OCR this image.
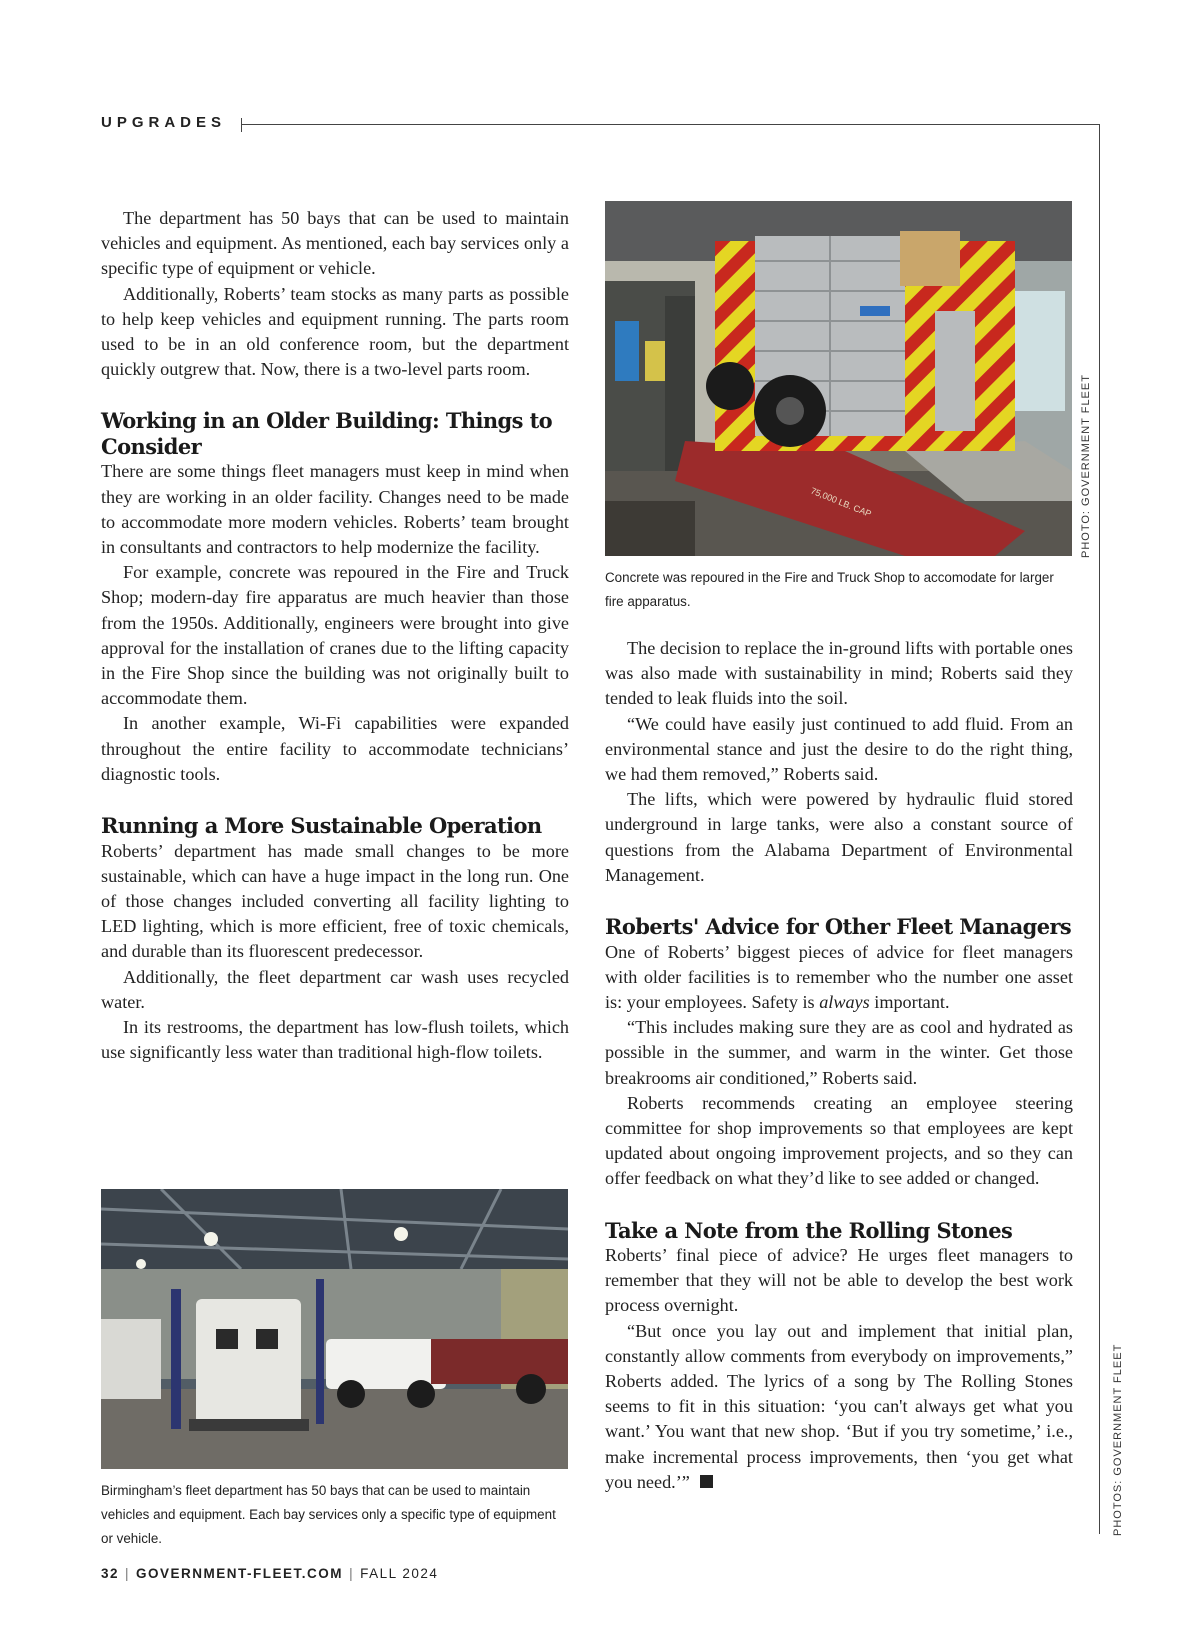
UPGRADES

The department has 50 bays that can be used to maintain vehicles and equipment. As mentioned, each bay services only a specific type of equipment or vehicle.

Additionally, Roberts’ team stocks as many parts as possible to help keep vehicles and equipment running. The parts room used to be in an old conference room, but the department quickly outgrew that. Now, there is a two-level parts room.

Working in an Older Building: Things to Consider

There are some things fleet managers must keep in mind when they are working in an older facility. Changes need to be made to accommodate more modern vehicles. Roberts’ team brought in consultants and contractors to help modernize the facility.

For example, concrete was repoured in the Fire and Truck Shop; modern-day fire apparatus are much heavier than those from the 1950s. Additionally, engineers were brought into give approval for the installation of cranes due to the lifting capacity in the Fire Shop since the building was not originally built to accommodate them.

In another example, Wi-Fi capabilities were expanded throughout the entire facility to accommodate technicians’ diagnostic tools.

Running a More Sustainable Operation

Roberts’ department has made small changes to be more sustainable, which can have a huge impact in the long run. One of those changes included converting all facility lighting to LED lighting, which is more efficient, free of toxic chemicals, and durable than its fluorescent predecessor.

Additionally, the fleet department car wash uses recycled water.

In its restrooms, the department has low-flush toilets, which use significantly less water than traditional high-flow toilets.

75,000 LB. CAP
Concrete was repoured in the Fire and Truck Shop to accomodate for larger fire apparatus.
PHOTO: GOVERNMENT FLEET

The decision to replace the in-ground lifts with portable ones was also made with sustainability in mind; Roberts said they tended to leak fluids into the soil.

“We could have easily just continued to add fluid. From an environmental stance and just the desire to do the right thing, we had them removed,” Roberts said.

The lifts, which were powered by hydraulic fluid stored underground in large tanks, were also a constant source of questions from the Alabama Department of Environmental Management.

Roberts' Advice for Other Fleet Managers

One of Roberts’ biggest pieces of advice for fleet managers with older facilities is to remember who the number one asset is: your employees. Safety is always important.

“This includes making sure they are as cool and hydrated as possible in the summer, and warm in the winter. Get those breakrooms air conditioned,” Roberts said.

Roberts recommends creating an employee steering committee for shop improvements so that employees are kept updated about ongoing improvement projects, and so they can offer feedback on what they’d like to see added or changed.

Take a Note from the Rolling Stones

Roberts’ final piece of advice? He urges fleet managers to remember that they will not be able to develop the best work process overnight.

“But once you lay out and implement that initial plan, constantly allow comments from everybody on improvements,” Roberts added. The lyrics of a song by The Rolling Stones seems to fit in this situation: ‘you can't always get what you want.’ You want that new shop. ‘But if you try sometime,’ i.e., make incremental process improvements, then ‘you get what you need.’”

Birmingham’s fleet department has 50 bays that can be used to maintain vehicles and equipment. Each bay services only a specific type of equipment or vehicle.
PHOTOS: GOVERNMENT FLEET
32 | GOVERNMENT-FLEET.COM | FALL 2024
